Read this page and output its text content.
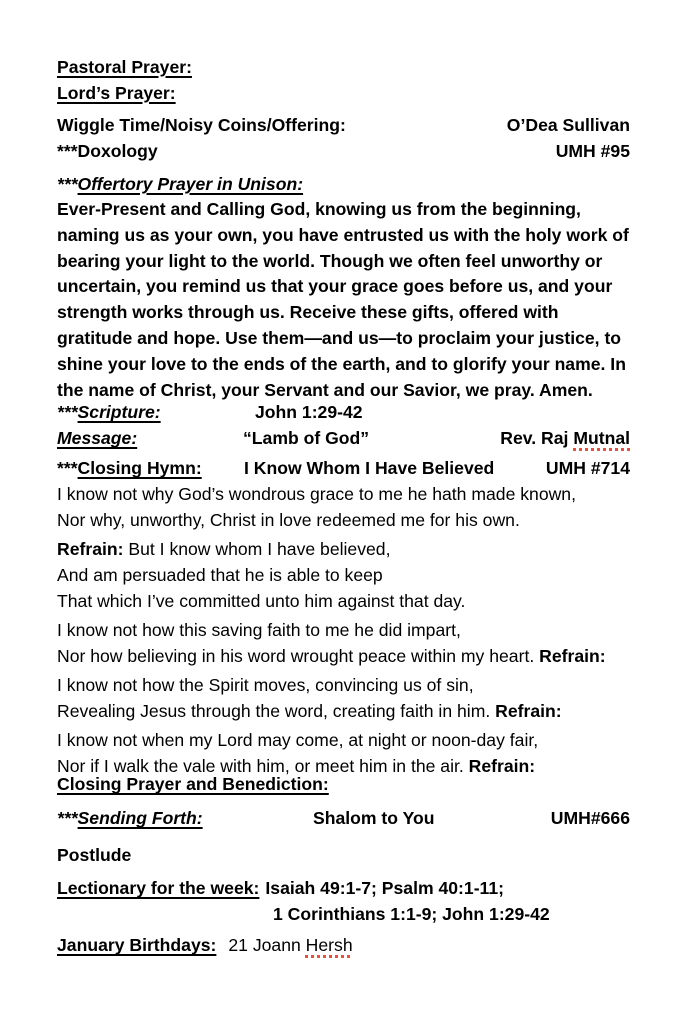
Pastoral Prayer:
Lord’s Prayer:
Wiggle Time/Noisy Coins/Offering:	O’Dea Sullivan
***Doxology	UMH #95
***Offertory Prayer in Unison:
Ever-Present and Calling God, knowing us from the beginning,
naming us as your own, you have entrusted us with the holy work of
bearing your light to the world. Though we often feel unworthy or
uncertain, you remind us that your grace goes before us, and your
strength works through us. Receive these gifts, offered with
gratitude and hope. Use them—and us—to proclaim your justice, to
shine your love to the ends of the earth, and to glorify your name. In
the name of Christ, your Servant and our Savior, we pray. Amen.
***Scripture:	John 1:29-42
Message:	“Lamb of God”	Rev. Raj Mutnal
***Closing Hymn:	I Know Whom I Have Believed	UMH #714
I know not why God’s wondrous grace to me he hath made known,
Nor why, unworthy, Christ in love redeemed me for his own.
Refrain: But I know whom I have believed,
And am persuaded that he is able to keep
That which I’ve committed unto him against that day.
I know not how this saving faith to me he did impart,
Nor how believing in his word wrought peace within my heart. Refrain:
I know not how the Spirit moves, convincing us of sin,
Revealing Jesus through the word, creating faith in him. Refrain:
I know not when my Lord may come, at night or noon-day fair,
Nor if I walk the vale with him, or meet him in the air. Refrain:
Closing Prayer and Benediction:
***Sending Forth:	Shalom to You	UMH#666
Postlude
Lectionary for the week: Isaiah 49:1-7; Psalm 40:1-11;
1 Corinthians 1:1-9; John 1:29-42
January Birthdays: 21 Joann Hersh
